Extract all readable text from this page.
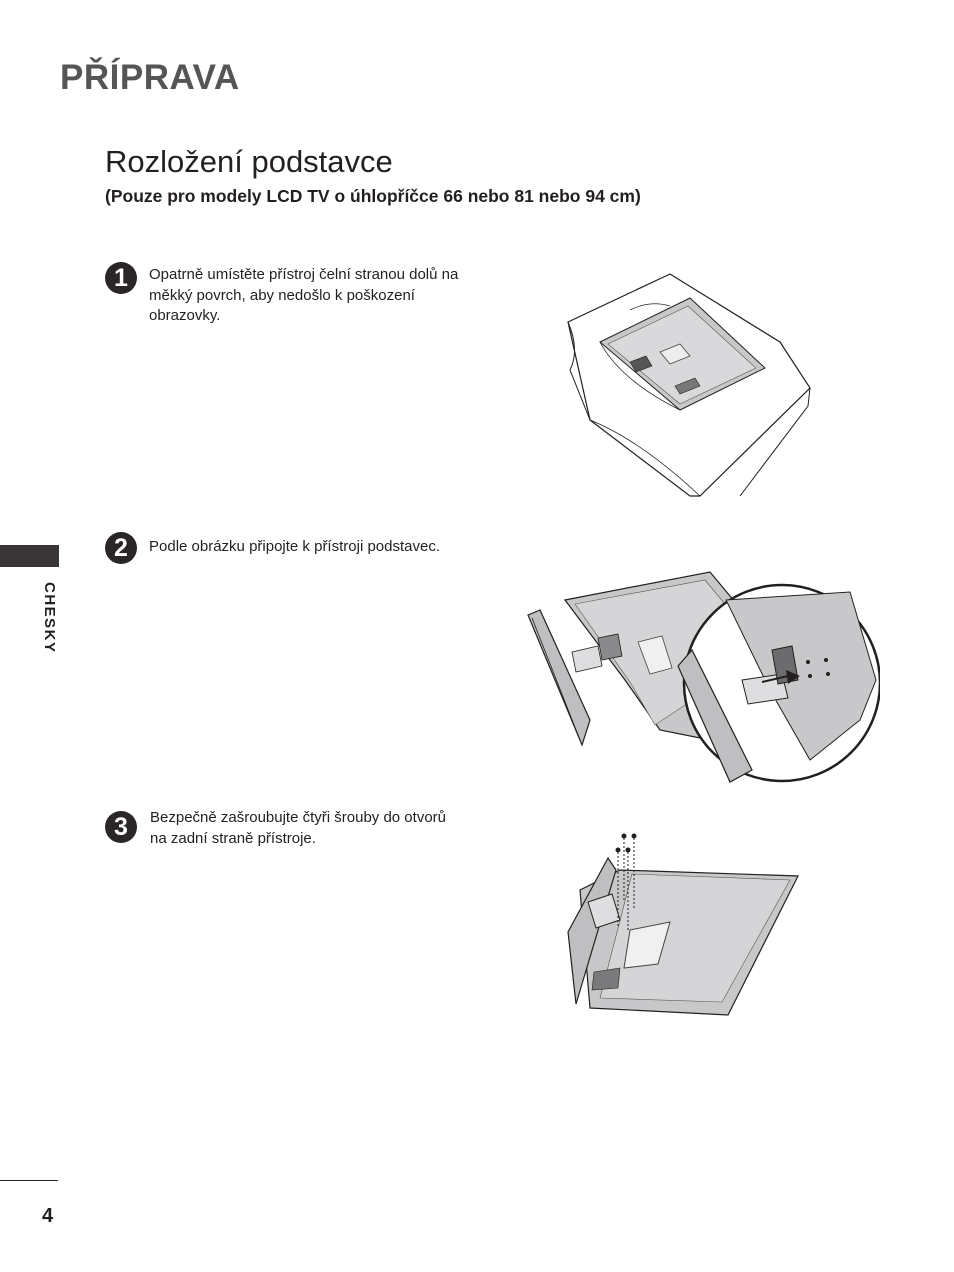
PŘÍPRAVA
Rozložení podstavce
(Pouze pro modely LCD TV o úhlopříčce 66 nebo 81 nebo 94 cm)
1	Opatrně umístěte přístroj čelní stranou dolů na měkký povrch, aby nedošlo k poškození obrazovky.
2	Podle obrázku připojte k přístroji podstavec.
3	Bezpečně zašroubujte čtyři šrouby do otvorů na zadní straně přístroje.
CHESKY
4
